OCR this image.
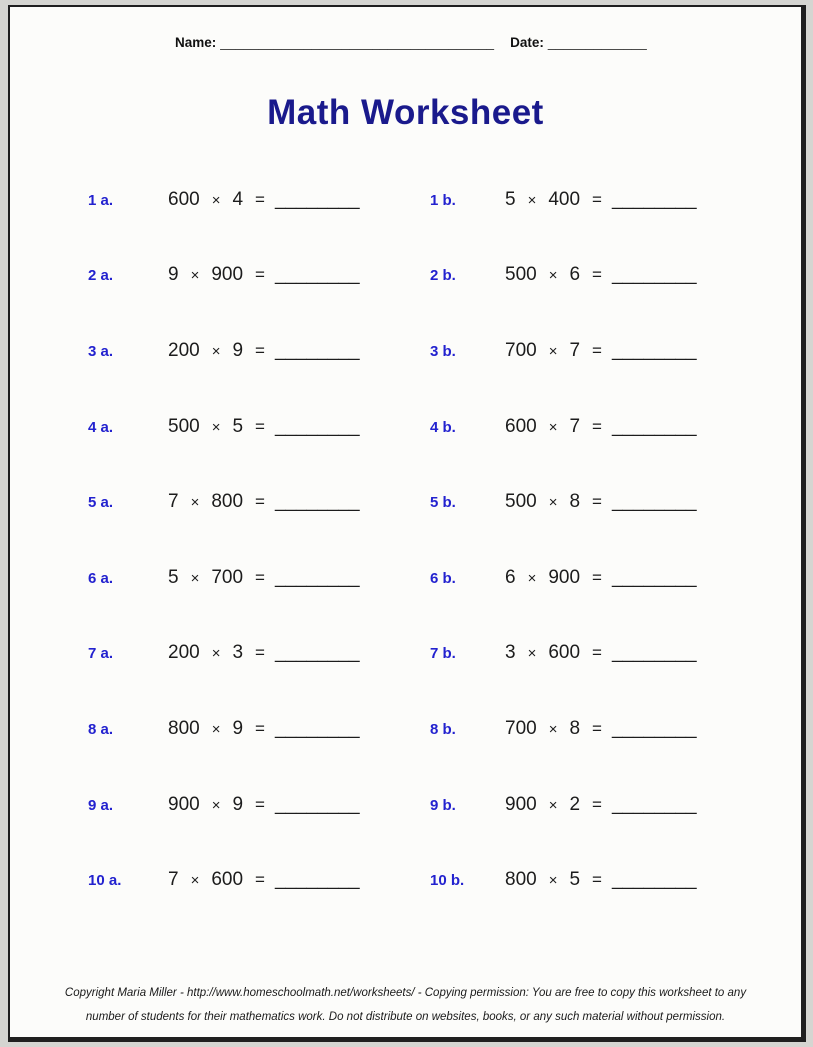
Name: ____________________________________ Date: _____________
Math Worksheet
1 a.	600 × 4 = ________	1 b.	5 × 400 = ________
2 a.	9 × 900 = ________	2 b.	500 × 6 = ________
3 a.	200 × 9 = ________	3 b.	700 × 7 = ________
4 a.	500 × 5 = ________	4 b.	600 × 7 = ________
5 a.	7 × 800 = ________	5 b.	500 × 8 = ________
6 a.	5 × 700 = ________	6 b.	6 × 900 = ________
7 a.	200 × 3 = ________	7 b.	3 × 600 = ________
8 a.	800 × 9 = ________	8 b.	700 × 8 = ________
9 a.	900 × 9 = ________	9 b.	900 × 2 = ________
10 a.	7 × 600 = ________	10 b.	800 × 5 = ________
Copyright Maria Miller - http://www.homeschoolmath.net/worksheets/ - Copying permission: You are free to copy this worksheet to any
number of students for their mathematics work. Do not distribute on websites, books, or any such material without permission.
